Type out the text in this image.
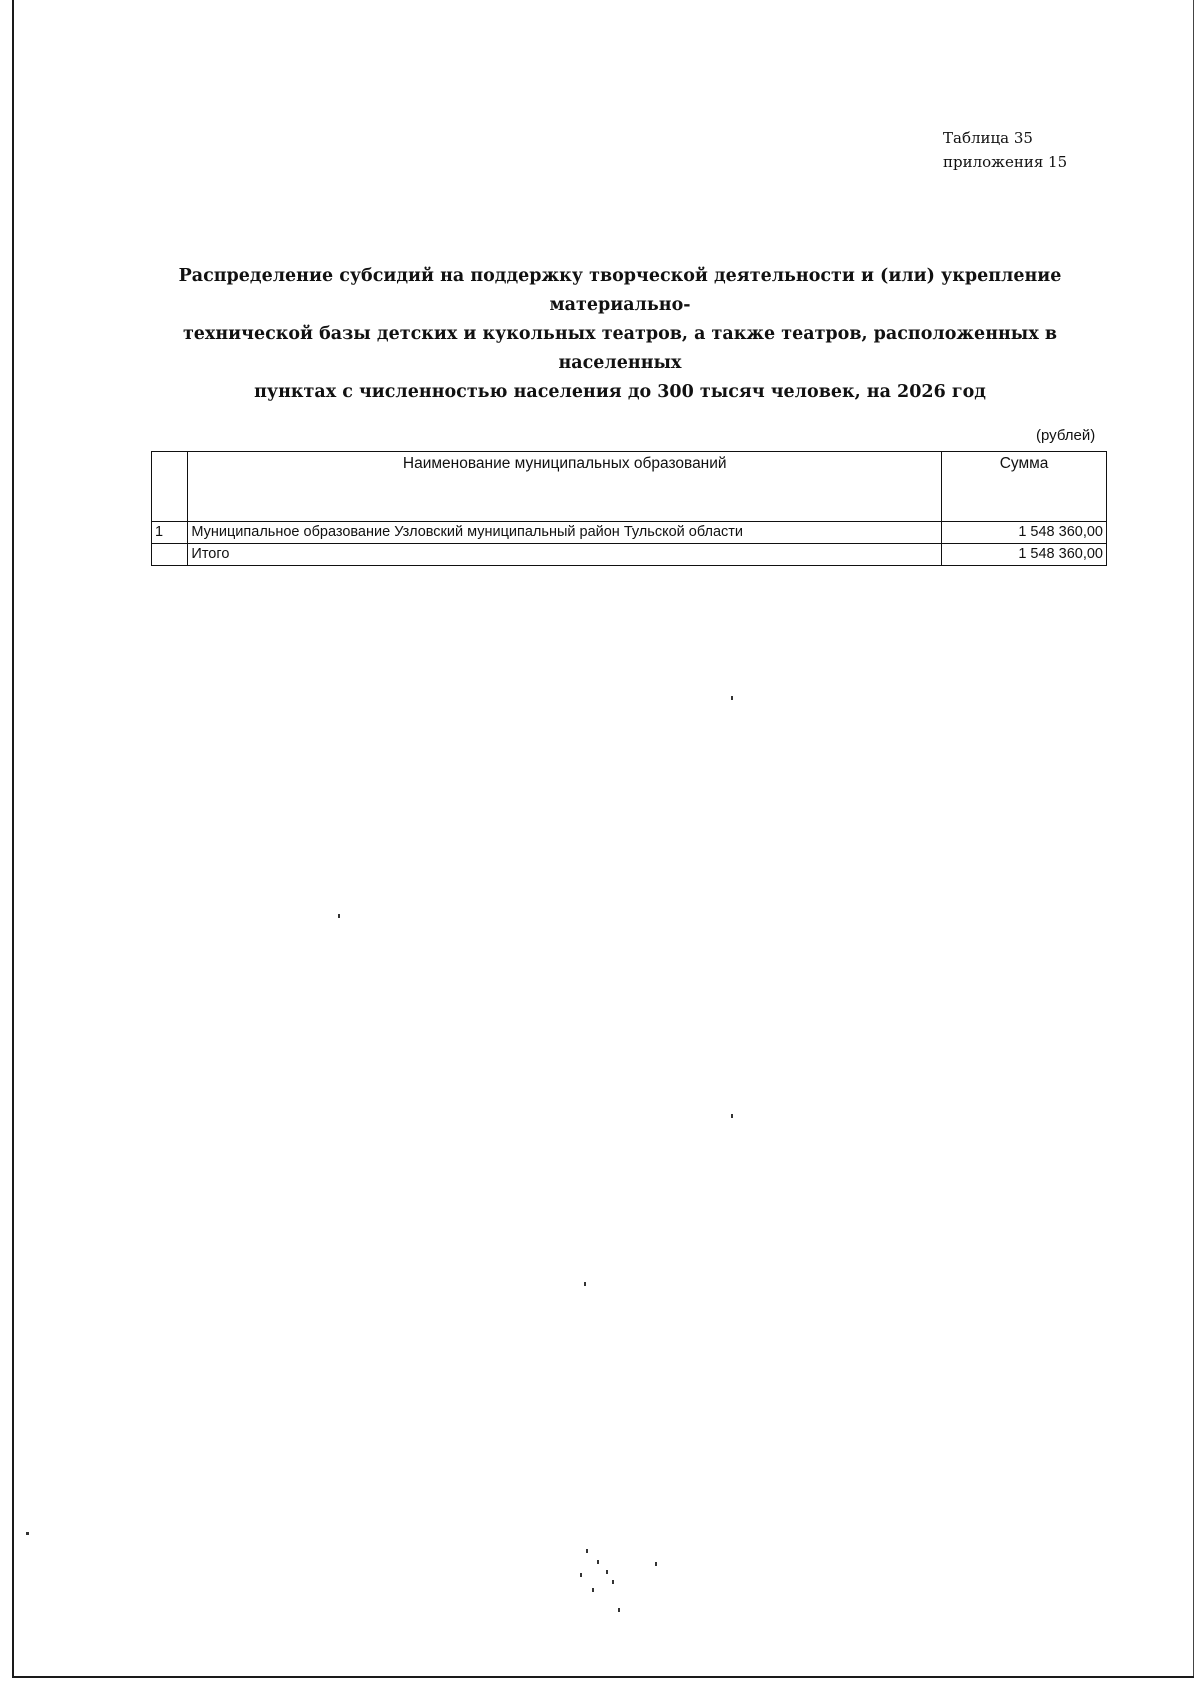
Таблица 35
приложения 15
Распределение субсидий на поддержку творческой деятельности и (или) укрепление материально-
технической базы детских и кукольных театров, а также театров, расположенных в населенных
пунктах с численностью населения до 300 тысяч человек, на 2026 год
(рублей)
	Наименование муниципальных образований	Сумма
1	Муниципальное образование Узловский муниципальный район Тульской области	1 548 360,00
	Итого	1 548 360,00
